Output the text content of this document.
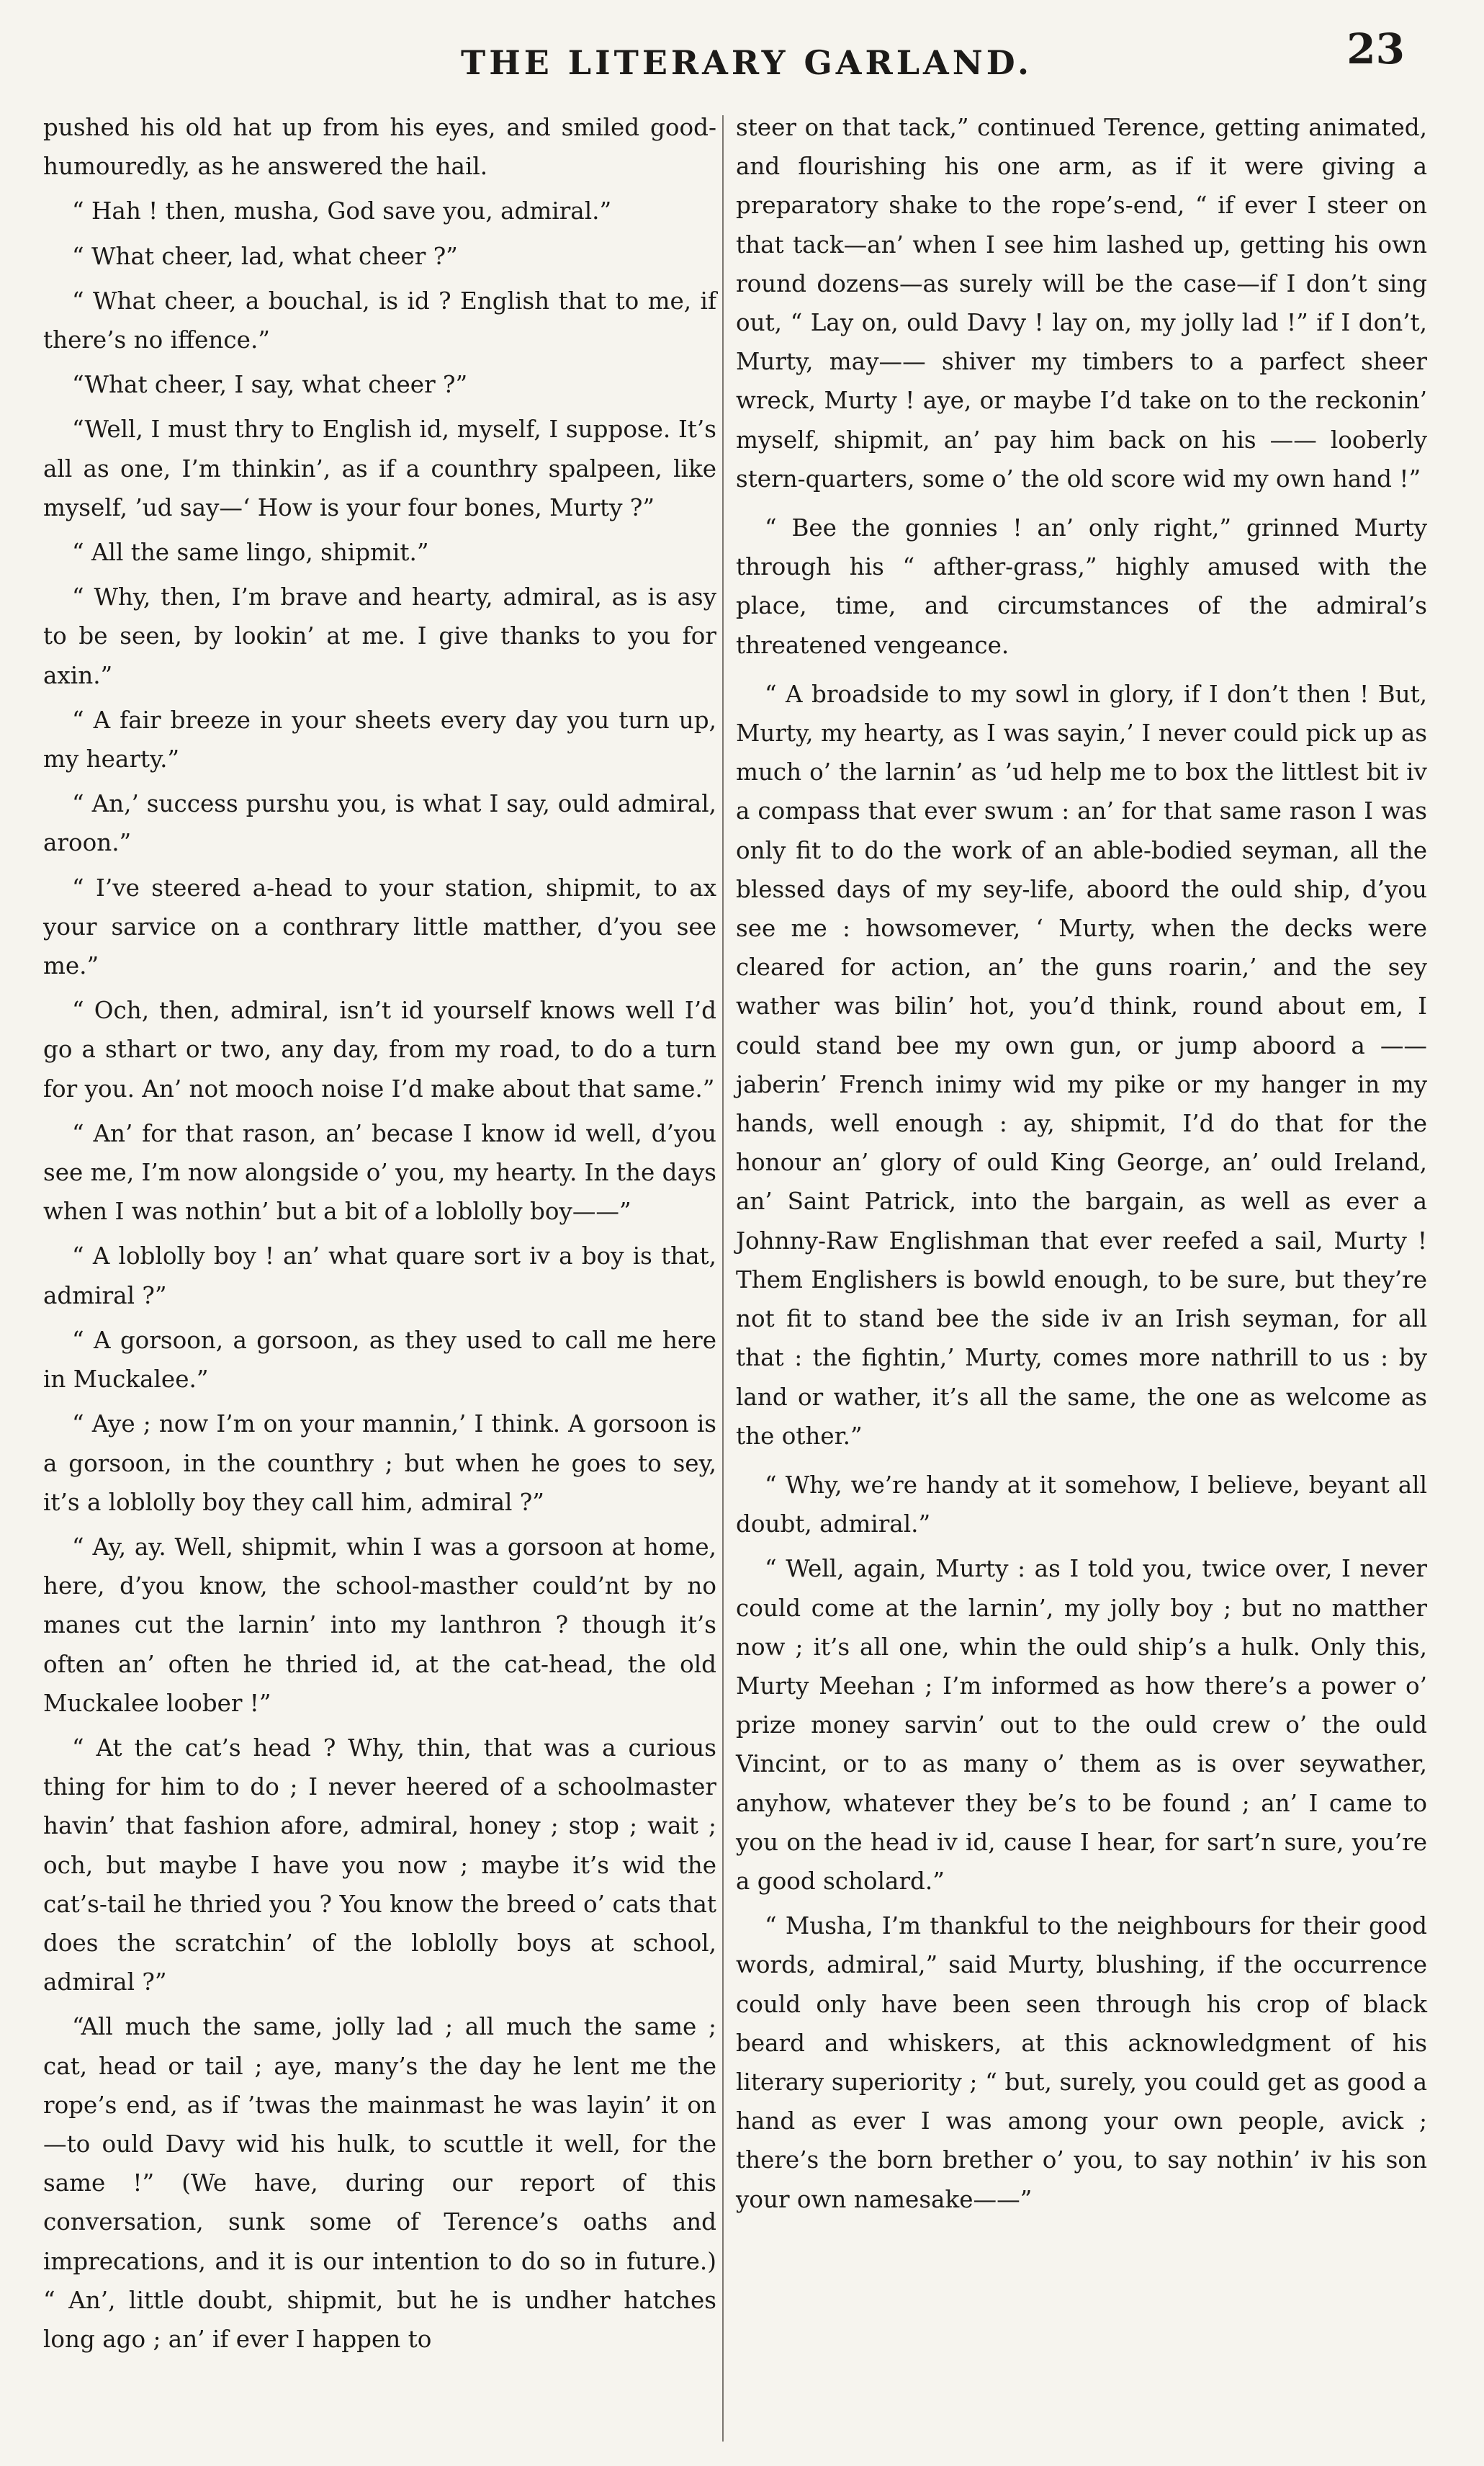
THE LITERARY GARLAND.	23

pushed his old hat up from his eyes, and smiled good-humouredly, as he answered the hail.

“ Hah ! then, musha, God save you, admiral.”

“ What cheer, lad, what cheer ?”

“ What cheer, a bouchal, is id ? English that to me, if there’s no iffence.”

“What cheer, I say, what cheer ?”

“Well, I must thry to English id, myself, I suppose. It’s all as one, I’m thinkin’, as if a counthry spalpeen, like myself, ’ud say—‘ How is your four bones, Murty ?”

“ All the same lingo, shipmit.”

“ Why, then, I’m brave and hearty, admiral, as is asy to be seen, by lookin’ at me. I give thanks to you for axin.”

“ A fair breeze in your sheets every day you turn up, my hearty.”

“ An,’ success purshu you, is what I say, ould admiral, aroon.”

“ I’ve steered a-head to your station, shipmit, to ax your sarvice on a conthrary little matther, d’you see me.”

“ Och, then, admiral, isn’t id yourself knows well I’d go a sthart or two, any day, from my road, to do a turn for you. An’ not mooch noise I’d make about that same.”

“ An’ for that rason, an’ becase I know id well, d’you see me, I’m now alongside o’ you, my hearty. In the days when I was nothin’ but a bit of a loblolly boy——”

“ A loblolly boy ! an’ what quare sort iv a boy is that, admiral ?”

“ A gorsoon, a gorsoon, as they used to call me here in Muckalee.”

“ Aye ; now I’m on your mannin,’ I think. A gorsoon is a gorsoon, in the counthry ; but when he goes to sey, it’s a loblolly boy they call him, admiral ?”

“ Ay, ay. Well, shipmit, whin I was a gorsoon at home, here, d’you know, the school-masther could’nt by no manes cut the larnin’ into my lanthron ? though it’s often an’ often he thried id, at the cat-head, the old Muckalee loober !”

“ At the cat’s head ? Why, thin, that was a curious thing for him to do ; I never heered of a schoolmaster havin’ that fashion afore, admiral, honey ; stop ; wait ; och, but maybe I have you now ; maybe it’s wid the cat’s-tail he thried you ? You know the breed o’ cats that does the scratchin’ of the loblolly boys at school, admiral ?”

“All much the same, jolly lad ; all much the same ; cat, head or tail ; aye, many’s the day he lent me the rope’s end, as if ’twas the mainmast he was layin’ it on—to ould Davy wid his hulk, to scuttle it well, for the same !” (We have, during our report of this conversation, sunk some of Terence’s oaths and imprecations, and it is our intention to do so in future.) “ An’, little doubt, shipmit, but he is undher hatches long ago ; an’ if ever I happen to

steer on that tack,” continued Terence, getting animated, and flourishing his one arm, as if it were giving a preparatory shake to the rope’s-end, “ if ever I steer on that tack—an’ when I see him lashed up, getting his own round dozens—as surely will be the case—if I don’t sing out, “ Lay on, ould Davy ! lay on, my jolly lad !” if I don’t, Murty, may—— shiver my timbers to a parfect sheer wreck, Murty ! aye, or maybe I’d take on to the reckonin’ myself, shipmit, an’ pay him back on his —— looberly stern-quarters, some o’ the old score wid my own hand !”

“ Bee the gonnies ! an’ only right,” grinned Murty through his “ afther-grass,” highly amused with the place, time, and circumstances of the admiral’s threatened vengeance.

“ A broadside to my sowl in glory, if I don’t then ! But, Murty, my hearty, as I was sayin,’ I never could pick up as much o’ the larnin’ as ’ud help me to box the littlest bit iv a compass that ever swum : an’ for that same rason I was only fit to do the work of an able-bodied seyman, all the blessed days of my sey-life, aboord the ould ship, d’you see me : howsomever, ‘ Murty, when the decks were cleared for action, an’ the guns roarin,’ and the sey wather was bilin’ hot, you’d think, round about em, I could stand bee my own gun, or jump aboord a —— jaberin’ French inimy wid my pike or my hanger in my hands, well enough : ay, shipmit, I’d do that for the honour an’ glory of ould King George, an’ ould Ireland, an’ Saint Patrick, into the bargain, as well as ever a Johnny-Raw Englishman that ever reefed a sail, Murty ! Them Englishers is bowld enough, to be sure, but they’re not fit to stand bee the side iv an Irish seyman, for all that : the fightin,’ Murty, comes more nathrill to us : by land or wather, it’s all the same, the one as welcome as the other.”

“ Why, we’re handy at it somehow, I believe, beyant all doubt, admiral.”

“ Well, again, Murty : as I told you, twice over, I never could come at the larnin’, my jolly boy ; but no matther now ; it’s all one, whin the ould ship’s a hulk. Only this, Murty Meehan ; I’m informed as how there’s a power o’ prize money sarvin’ out to the ould crew o’ the ould Vincint, or to as many o’ them as is over seywather, anyhow, whatever they be’s to be found ; an’ I came to you on the head iv id, cause I hear, for sart’n sure, you’re a good scholard.”

“ Musha, I’m thankful to the neighbours for their good words, admiral,” said Murty, blushing, if the occurrence could only have been seen through his crop of black beard and whiskers, at this acknowledgment of his literary superiority ; “ but, surely, you could get as good a hand as ever I was among your own people, avick ; there’s the born brether o’ you, to say nothin’ iv his son your own namesake——”
